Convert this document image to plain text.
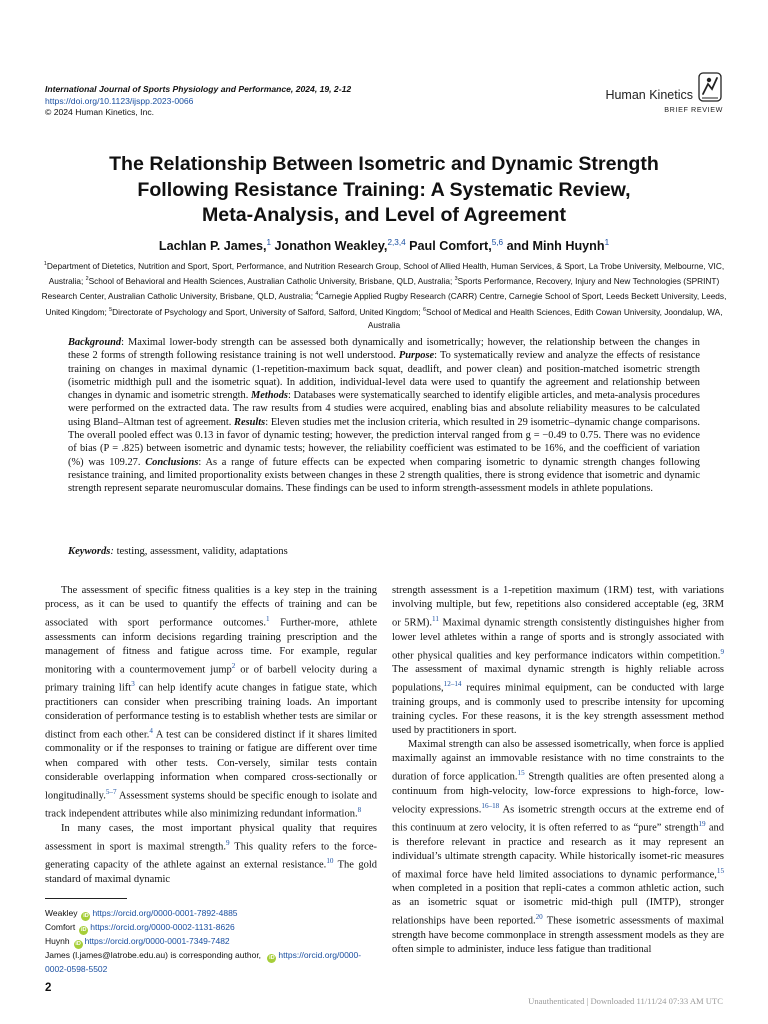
International Journal of Sports Physiology and Performance, 2024, 19, 2-12
https://doi.org/10.1123/ijspp.2023-0066
© 2024 Human Kinetics, Inc.
Human Kinetics
BRIEF REVIEW
The Relationship Between Isometric and Dynamic Strength
Following Resistance Training: A Systematic Review,
Meta-Analysis, and Level of Agreement
Lachlan P. James,$^1$ Jonathon Weakley,$^{2,3,4}$ Paul Comfort,$^{5,6}$ and Minh Huynh$^1$
$^1$Department of Dietetics, Nutrition and Sport, Sport, Performance, and Nutrition Research Group, School of Allied Health, Human Services, & Sport, La Trobe University, Melbourne, VIC, Australia; $^2$School of Behavioral and Health Sciences, Australian Catholic University, Brisbane, QLD, Australia; $^3$Sports Performance, Recovery, Injury and New Technologies (SPRINT) Research Center, Australian Catholic University, Brisbane, QLD, Australia; $^4$Carnegie Applied Rugby Research (CARR) Centre, Carnegie School of Sport, Leeds Beckett University, Leeds, United Kingdom; $^5$Directorate of Psychology and Sport, University of Salford, Salford, United Kingdom; $^6$School of Medical and Health Sciences, Edith Cowan University, Joondalup, WA, Australia

Background: Maximal lower-body strength can be assessed both dynamically and isometrically; however, the relationship between the changes in these 2 forms of strength following resistance training is not well understood. Purpose: To systematically review and analyze the effects of resistance training on changes in maximal dynamic (1-repetition-maximum back squat, deadlift, and power clean) and position-matched isometric strength (isometric midthigh pull and the isometric squat). In addition, individual-level data were used to quantify the agreement and relationship between changes in dynamic and isometric strength. Methods: Databases were systematically searched to identify eligible articles, and meta-analysis procedures were performed on the extracted data. The raw results from 4 studies were acquired, enabling bias and absolute reliability measures to be calculated using Bland–Altman test of agreement. Results: Eleven studies met the inclusion criteria, which resulted in 29 isometric–dynamic change comparisons. The overall pooled effect was 0.13 in favor of dynamic testing; however, the prediction interval ranged from g = −0.49 to 0.75. There was no evidence of bias (P = .825) between isometric and dynamic tests; however, the reliability coefficient was estimated to be 16%, and the coefficient of variation (%) was 109.27. Conclusions: As a range of future effects can be expected when comparing isometric to dynamic strength changes following resistance training, and limited proportionality exists between changes in these 2 strength qualities, there is strong evidence that isometric and dynamic strength represent separate neuromuscular domains. These findings can be used to inform strength-assessment models in athlete populations.

Keywords: testing, assessment, validity, adaptations

The assessment of specific fitness qualities is a key step in the training process, as it can be used to quantify the effects of training and can be associated with sport performance outcomes.$^1$ Further-more, athlete assessments can inform decisions regarding training prescription and the management of fitness and fatigue across time. For example, regular monitoring with a countermovement jump$^2$ or of barbell velocity during a primary training lift$^3$ can help identify acute changes in fatigue state, which practitioners can consider when prescribing training loads. An important consideration of performance testing is to establish whether tests are similar or distinct from each other.$^4$ A test can be considered distinct if it shares limited commonality or if the responses to training or fatigue are different over time when compared with other tests. Con-versely, similar tests contain considerable overlapping information when compared cross-sectionally or longitudinally.$^{5-7}$ Assessment systems should be specific enough to isolate and track independent attributes while also minimizing redundant information.$^8$

In many cases, the most important physical quality that requires assessment in sport is maximal strength.$^9$ This quality refers to the force-generating capacity of the athlete against an external resistance.$^{10}$ The gold standard of maximal dynamic

strength assessment is a 1-repetition maximum (1RM) test, with variations involving multiple, but few, repetitions also considered acceptable (eg, 3RM or 5RM).$^{11}$ Maximal dynamic strength consistently distinguishes higher from lower level athletes within a range of sports and is strongly associated with other physical qualities and key performance indicators within competition.$^9$ The assessment of maximal dynamic strength is highly reliable across populations,$^{12-14}$ requires minimal equipment, can be conducted with large training groups, and is commonly used to prescribe intensity for upcoming training cycles. For these reasons, it is the key strength assessment method used by practitioners in sport.

Maximal strength can also be assessed isometrically, when force is applied maximally against an immovable resistance with no time constraints to the duration of force application.$^{15}$ Strength qualities are often presented along a continuum from high-velocity, low-force expressions to high-force, low-velocity expressions.$^{16-18}$ As isometric strength occurs at the extreme end of this continuum at zero velocity, it is often referred to as “pure” strength$^{19}$ and is therefore relevant in practice and research as it may represent an individual’s ultimate strength capacity. While historically isomet-ric measures of maximal force have held limited associations to dynamic performance,$^{15}$ when completed in a position that repli-cates a common athletic action, such as an isometric squat or isometric mid-thigh pull (IMTP), stronger relationships have been reported.$^{20}$ These isometric assessments of maximal strength have become commonplace in strength assessment models as they are often simple to administer, induce less fatigue than traditional

Weakley iD https://orcid.org/0000-0001-7892-4885
Comfort iD https://orcid.org/0000-0002-1131-8626
Huynh iD https://orcid.org/0000-0001-7349-7482
James (l.james@latrobe.edu.au) is corresponding author, iD https://orcid.org/0000-
0002-0598-5502
2
Unauthenticated | Downloaded 11/11/24 07:33 AM UTC
